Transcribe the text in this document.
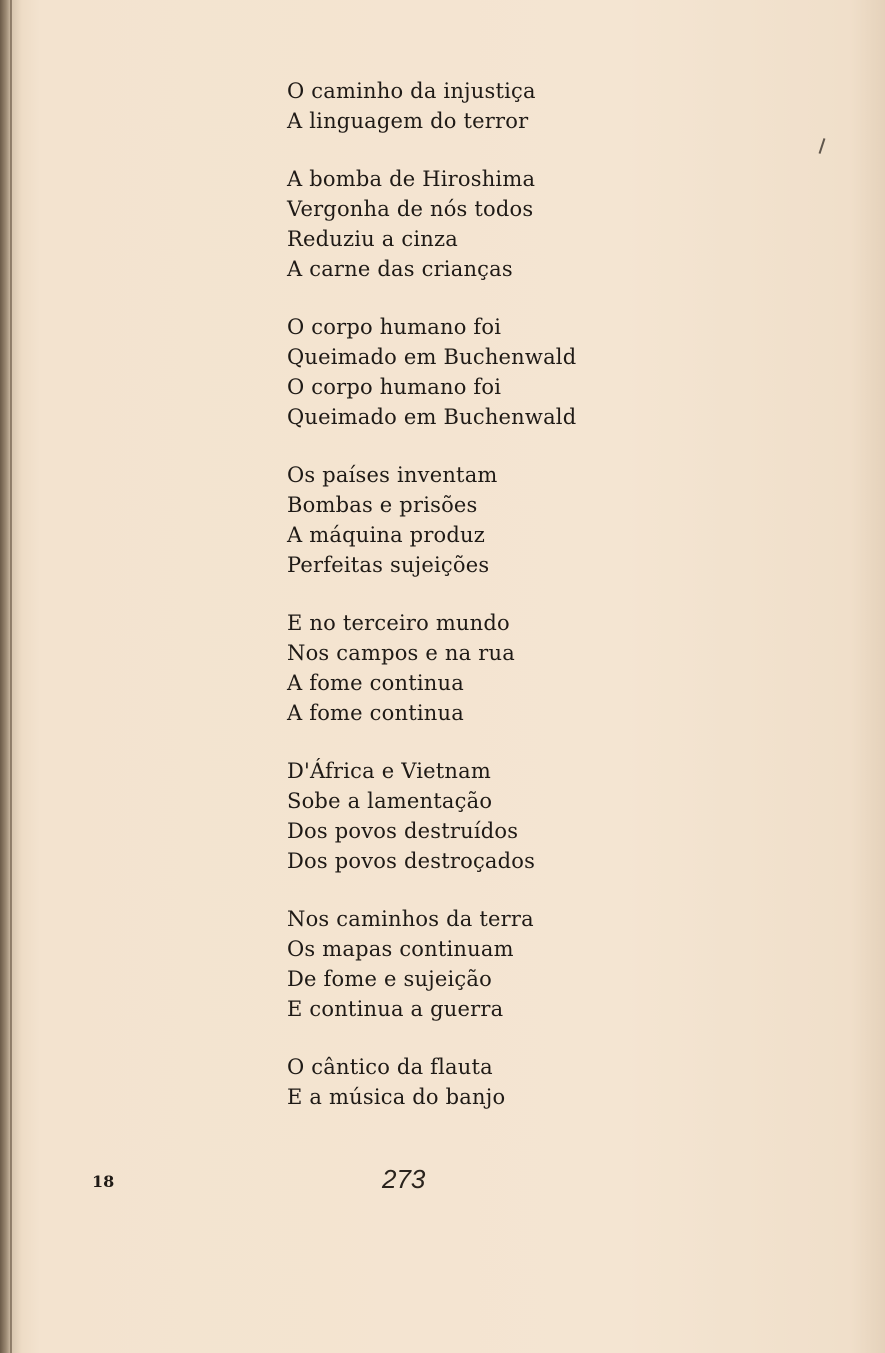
O caminho da injustiça
A linguagem do terror
A bomba de Hiroshima
Vergonha de nós todos
Reduziu a cinza
A carne das crianças
O corpo humano foi
Queimado em Buchenwald
O corpo humano foi
Queimado em Buchenwald
Os países inventam
Bombas e prisões
A máquina produz
Perfeitas sujeições
E no terceiro mundo
Nos campos e na rua
A fome continua
A fome continua
D'África e Vietnam
Sobe a lamentação
Dos povos destruídos
Dos povos destroçados
Nos caminhos da terra
Os mapas continuam
De fome e sujeição
E continua a guerra
O cântico da flauta
E a música do banjo
18	273
